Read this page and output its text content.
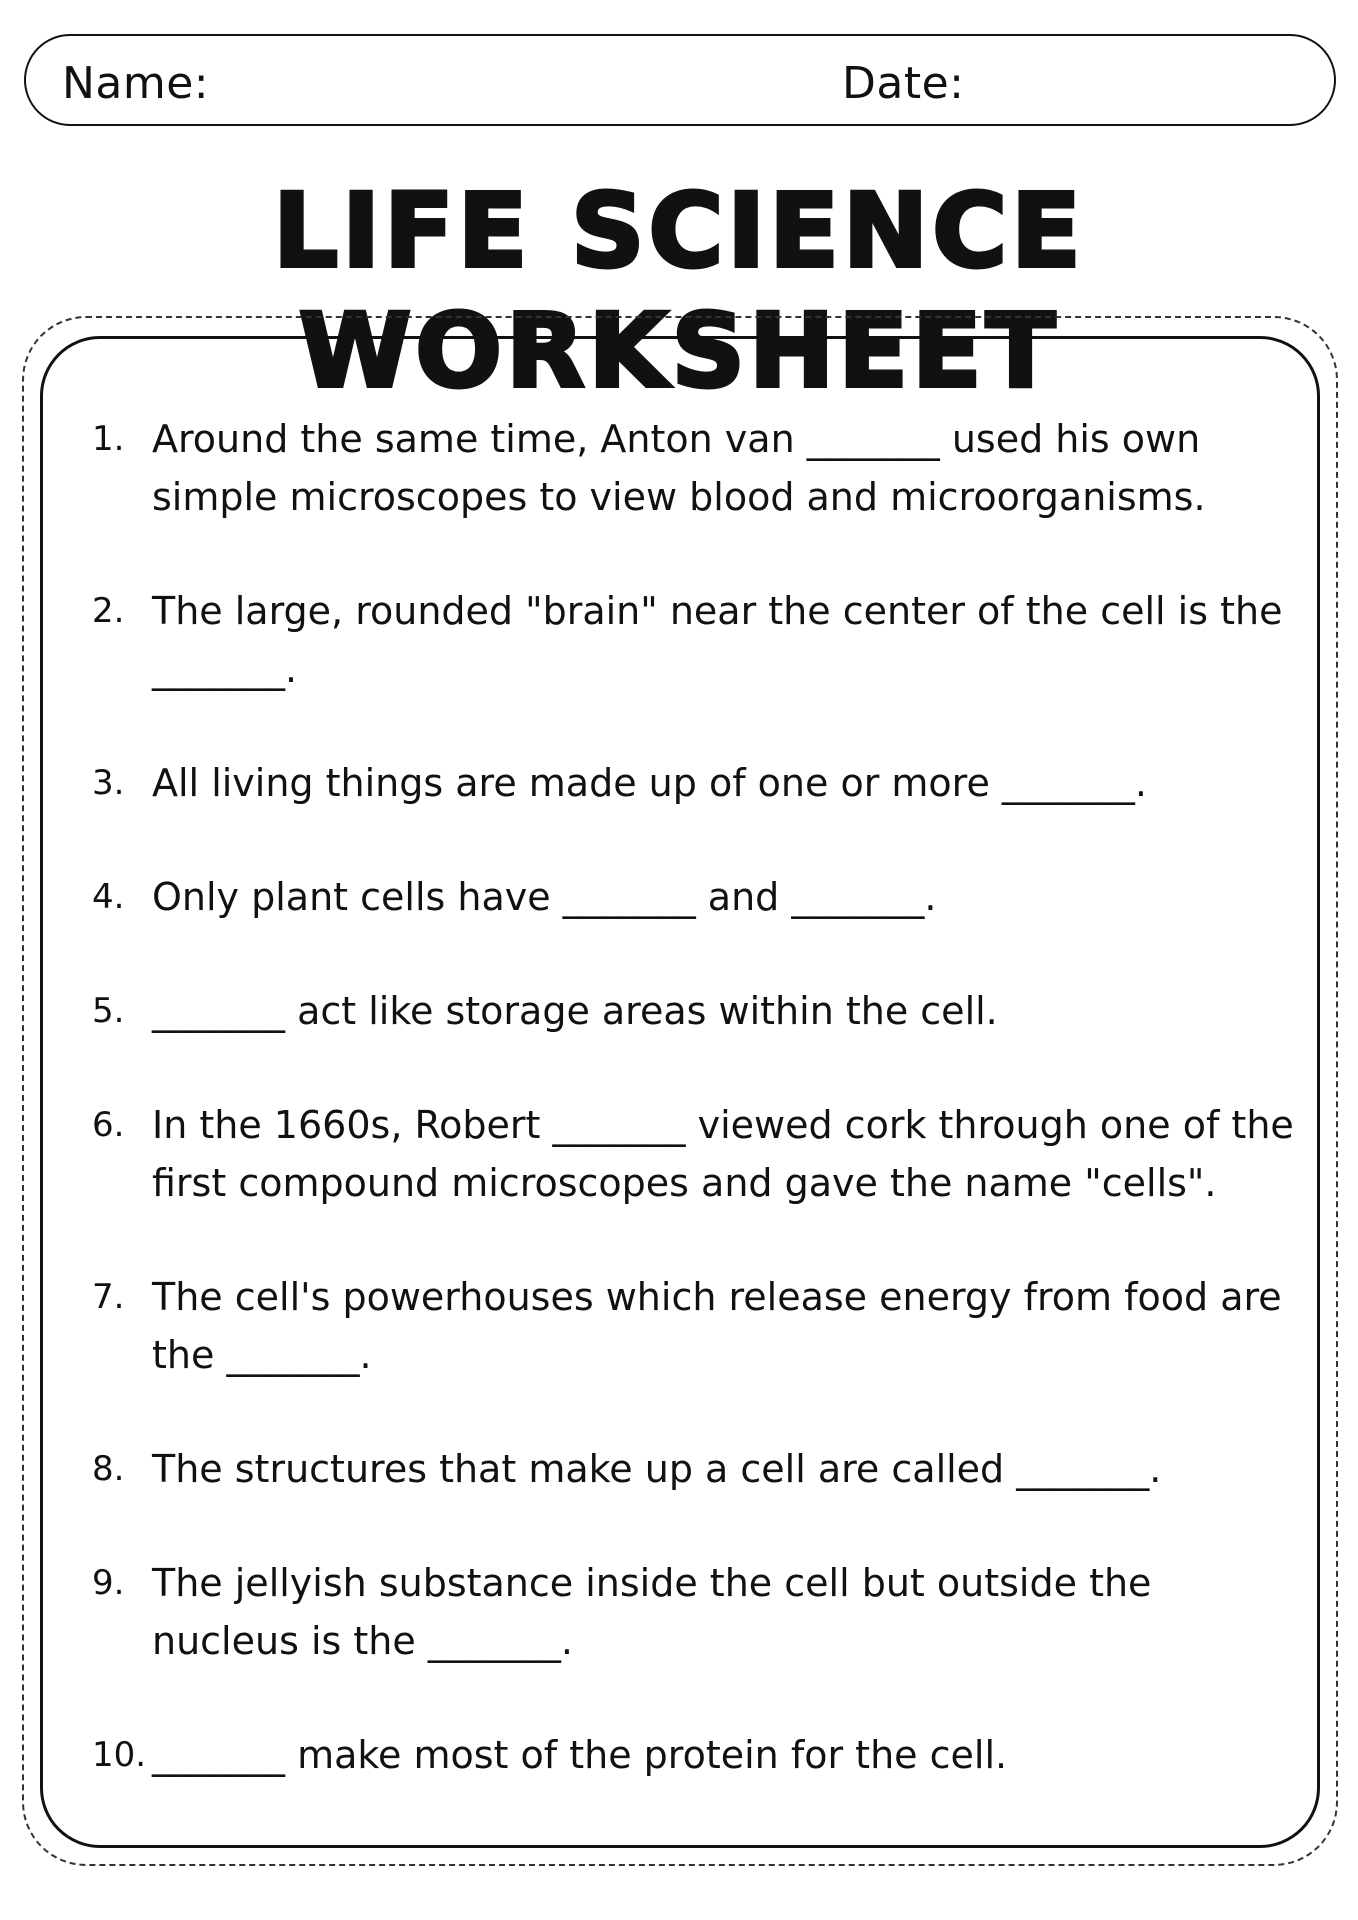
Name:	Date:
LIFE SCIENCE WORKSHEET
1. Around the same time, Anton van _______ used his own simple microscopes to view blood and microorganisms.
2. The large, rounded "brain" near the center of the cell is the _______.
3. All living things are made up of one or more _______.
4. Only plant cells have _______ and _______.
5. _______ act like storage areas within the cell.
6. In the 1660s, Robert _______ viewed cork through one of the first compound microscopes and gave the name "cells".
7. The cell's powerhouses which release energy from food are the _______.
8. The structures that make up a cell are called _______.
9. The jellyish substance inside the cell but outside the nucleus is the _______.
10. _______ make most of the protein for the cell.
